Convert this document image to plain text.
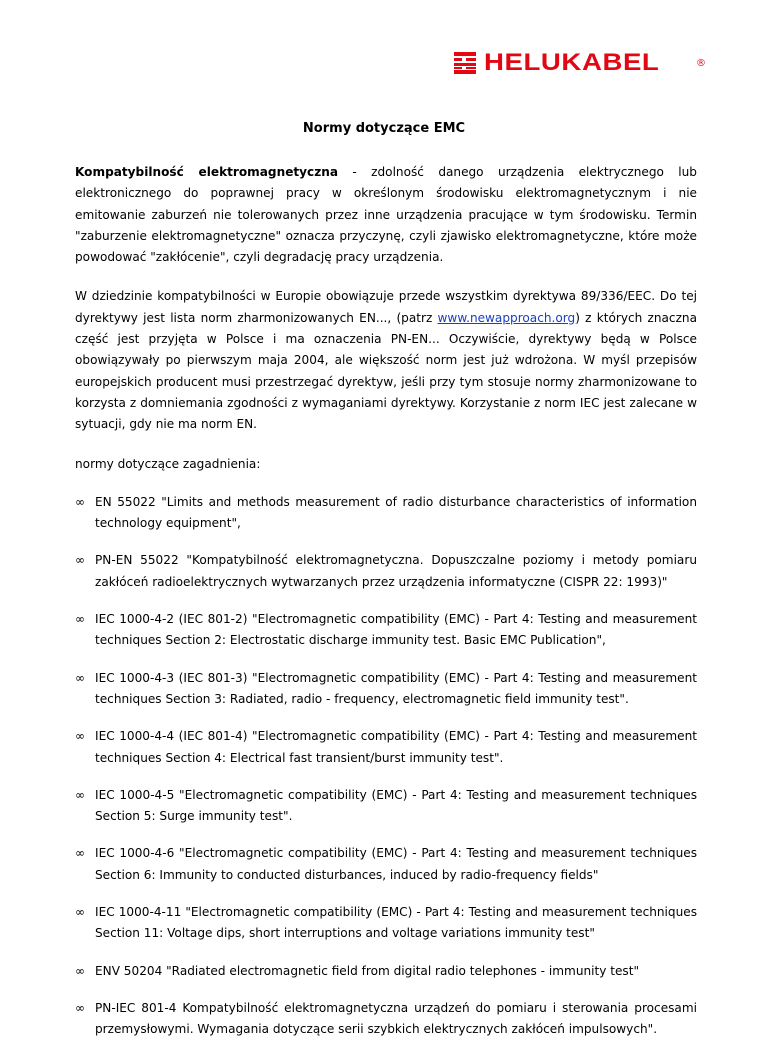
HELUKABEL	®
Normy dotyczące EMC

Kompatybilność elektromagnetyczna - zdolność danego urządzenia elektrycznego lub elektronicznego do poprawnej pracy w określonym środowisku elektromagnetycznym i nie emitowanie zaburzeń nie tolerowanych przez inne urządzenia pracujące w tym środowisku. Termin "zaburzenie elektromagnetyczne" oznacza przyczynę, czyli zjawisko elektromagnetyczne, które może powodować "zakłócenie", czyli degradację pracy urządzenia.

W dziedzinie kompatybilności w Europie obowiązuje przede wszystkim dyrektywa 89/336/EEC. Do tej dyrektywy jest lista norm zharmonizowanych EN..., (patrz www.newapproach.org) z których znaczna część jest przyjęta w Polsce i ma oznaczenia PN-EN... Oczywiście, dyrektywy będą w Polsce obowiązywały po pierwszym maja 2004, ale większość norm jest już wdrożona. W myśl przepisów europejskich producent musi przestrzegać dyrektyw, jeśli przy tym stosuje normy zharmonizowane to korzysta z domniemania zgodności z wymaganiami dyrektywy. Korzystanie z norm IEC jest zalecane w sytuacji, gdy nie ma norm EN.

normy dotyczące zagadnienia:

∞ EN 55022 "Limits and methods measurement of radio disturbance characteristics of information technology equipment",
∞ PN-EN 55022 "Kompatybilność elektromagnetyczna. Dopuszczalne poziomy i metody pomiaru zakłóceń radioelektrycznych wytwarzanych przez urządzenia informatyczne (CISPR 22: 1993)"
∞ IEC 1000-4-2 (IEC 801-2) "Electromagnetic compatibility (EMC) - Part 4: Testing and measurement techniques Section 2: Electrostatic discharge immunity test. Basic EMC Publication",
∞ IEC 1000-4-3 (IEC 801-3) "Electromagnetic compatibility (EMC) - Part 4: Testing and measurement techniques Section 3: Radiated, radio - frequency, electromagnetic field immunity test".
∞ IEC 1000-4-4 (IEC 801-4) "Electromagnetic compatibility (EMC) - Part 4: Testing and measurement techniques Section 4: Electrical fast transient/burst immunity test".
∞ IEC 1000-4-5 "Electromagnetic compatibility (EMC) - Part 4: Testing and measurement techniques Section 5: Surge immunity test".
∞ IEC 1000-4-6 "Electromagnetic compatibility (EMC) - Part 4: Testing and measurement techniques Section 6: Immunity to conducted disturbances, induced by radio-frequency fields"
∞ IEC 1000-4-11 "Electromagnetic compatibility (EMC) - Part 4: Testing and measurement techniques Section 11: Voltage dips, short interruptions and voltage variations immunity test"
∞ ENV 50204 "Radiated electromagnetic field from digital radio telephones - immunity test"
∞ PN-IEC 801-4 Kompatybilność elektromagnetyczna urządzeń do pomiaru i sterowania procesami przemysłowymi. Wymagania dotyczące serii szybkich elektrycznych zakłóceń impulsowych".
